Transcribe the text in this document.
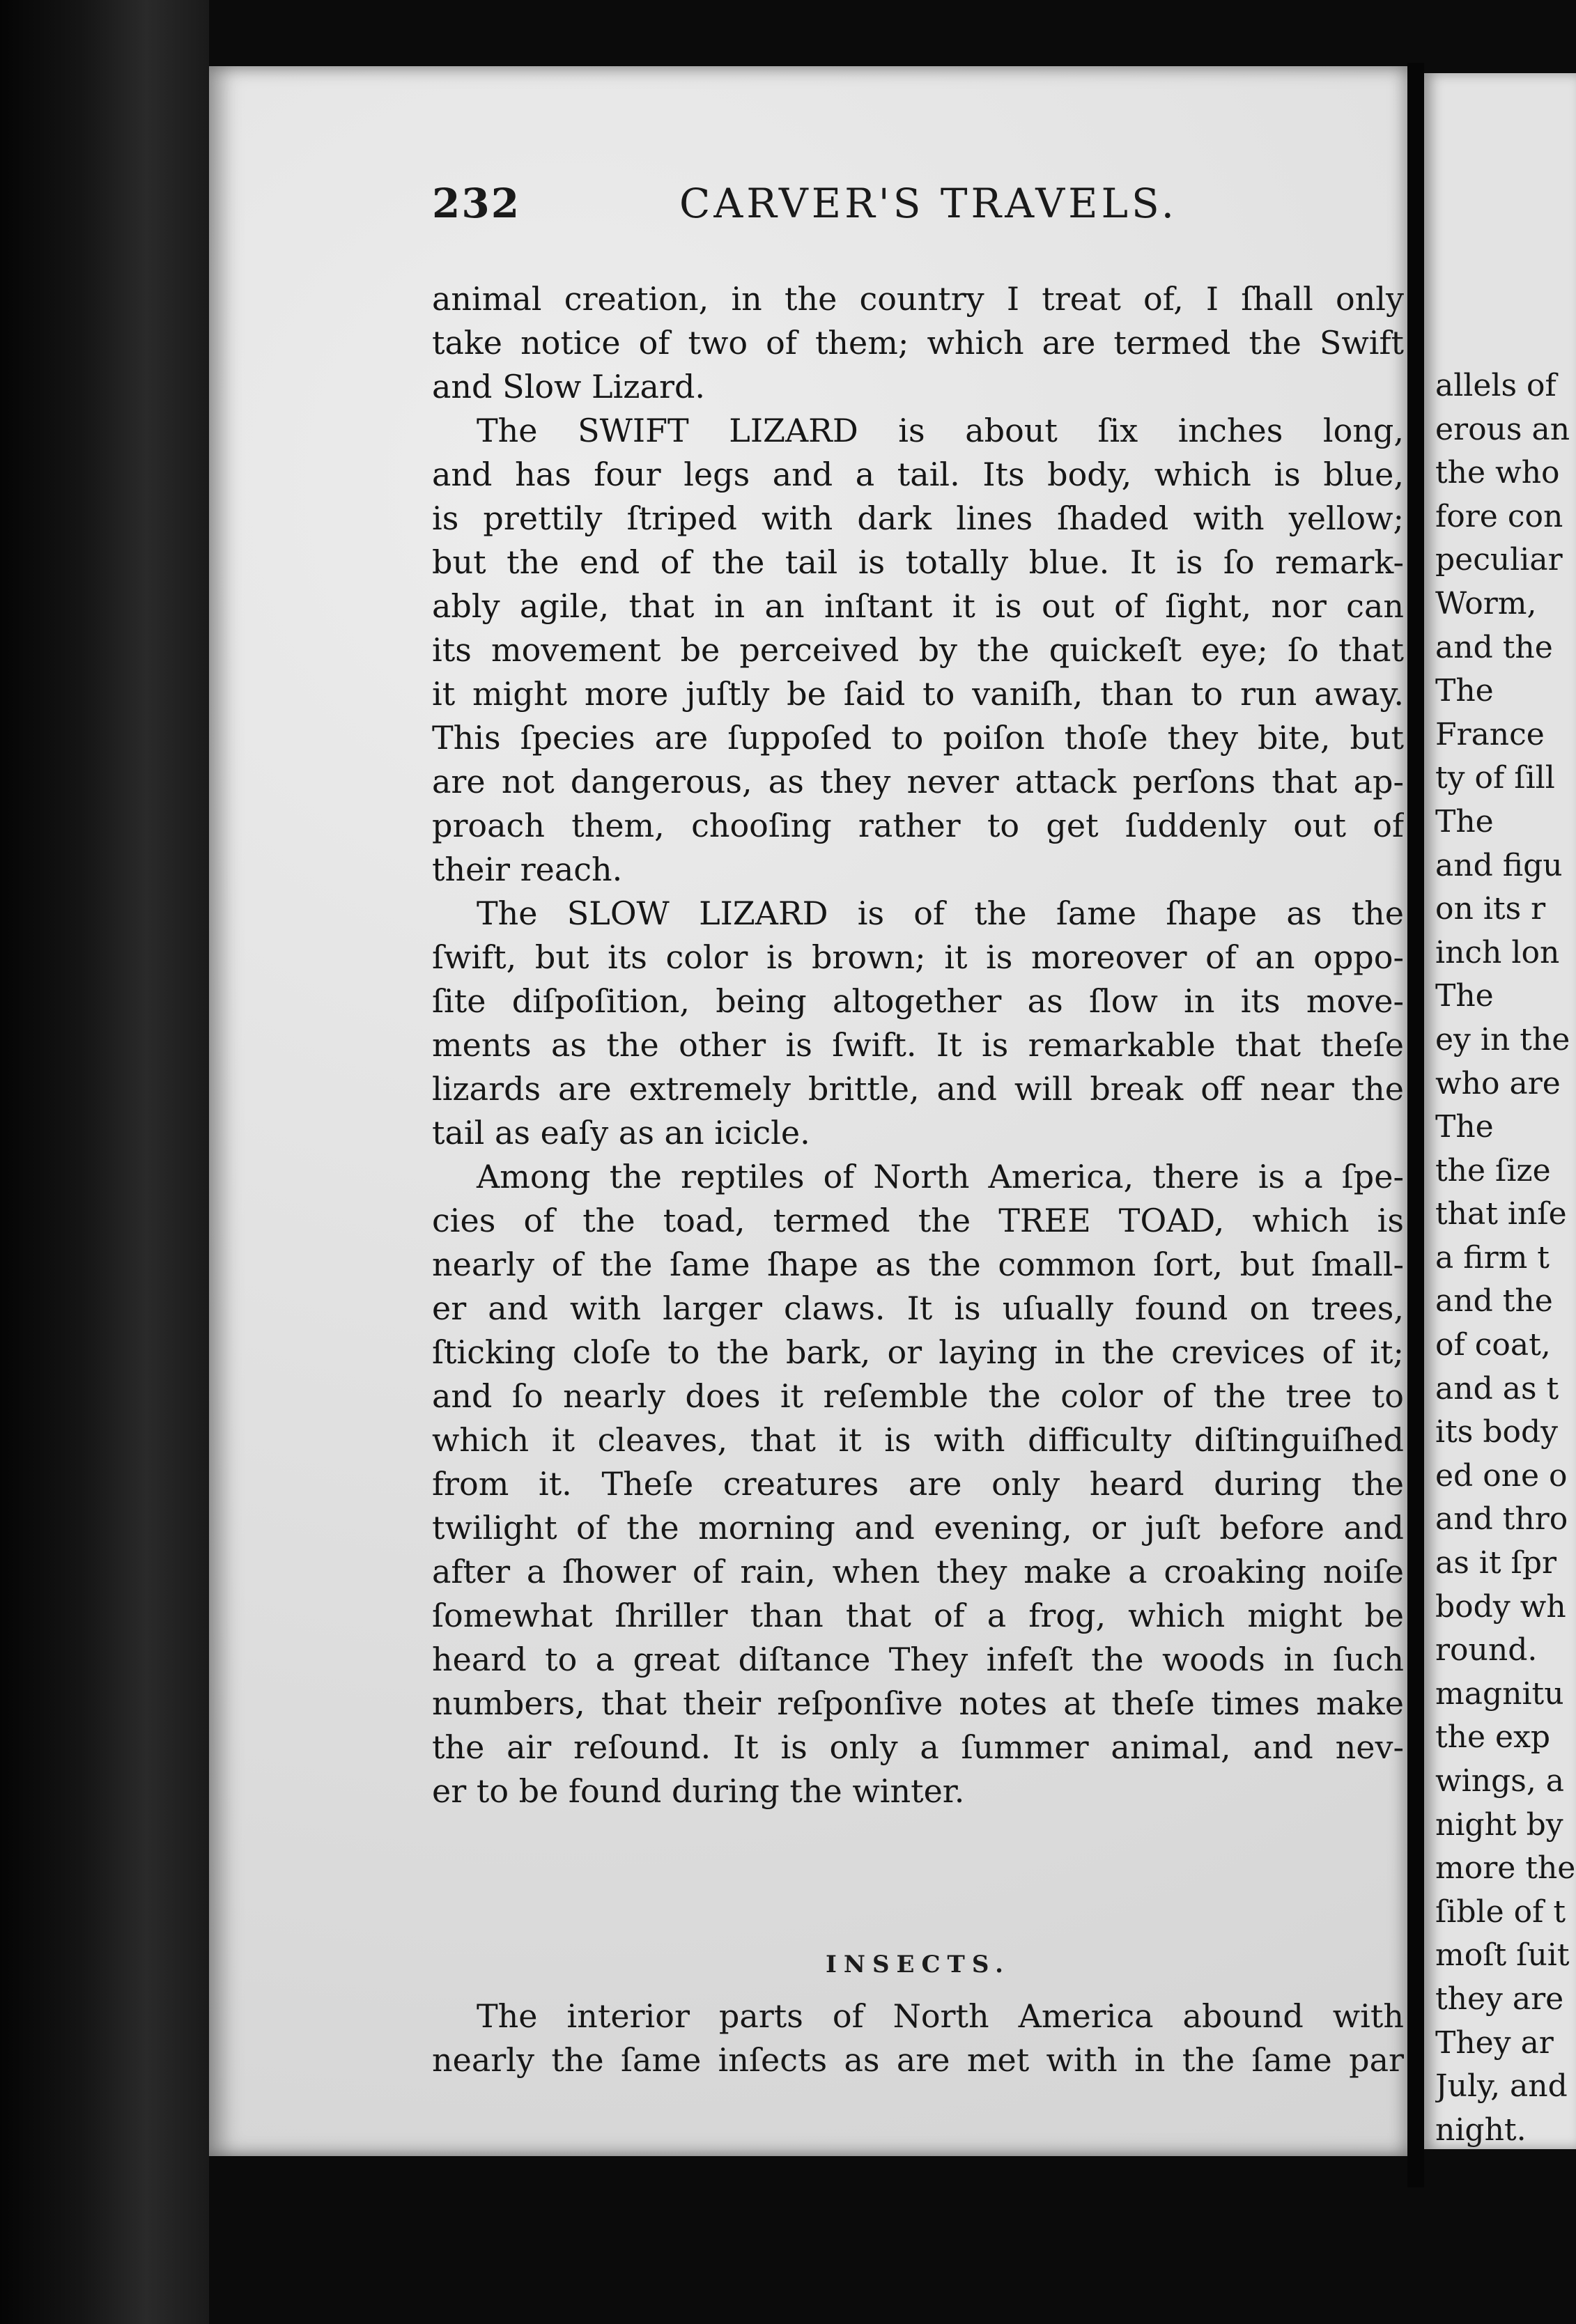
232	CARVER'S TRAVELS.
animal creation, in the country I treat of, I ſhall only
take notice of two of them; which are termed the Swift
and Slow Lizard.
The SWIFT LIZARD is about ſix inches long,
and has four legs and a tail. Its body, which is blue,
is prettily ſtriped with dark lines ſhaded with yellow;
but the end of the tail is totally blue. It is ſo remark-
ably agile, that in an inſtant it is out of ſight, nor can
its movement be perceived by the quickeſt eye; ſo that
it might more juſtly be ſaid to vaniſh, than to run away.
This ſpecies are ſuppoſed to poiſon thoſe they bite, but
are not dangerous, as they never attack perſons that ap-
proach them, chooſing rather to get ſuddenly out of
their reach.
The SLOW LIZARD is of the ſame ſhape as the
ſwift, but its color is brown; it is moreover of an oppo-
ſite diſpoſition, being altogether as ſlow in its move-
ments as the other is ſwift. It is remarkable that theſe
lizards are extremely brittle, and will break off near the
tail as eaſy as an icicle.
Among the reptiles of North America, there is a ſpe-
cies of the toad, termed the TREE TOAD, which is
nearly of the ſame ſhape as the common ſort, but ſmall-
er and with larger claws. It is uſually found on trees,
ſticking cloſe to the bark, or laying in the crevices of it;
and ſo nearly does it reſemble the color of the tree to
which it cleaves, that it is with difficulty diſtinguiſhed
from it. Theſe creatures are only heard during the
twilight of the morning and evening, or juſt before and
after a ſhower of rain, when they make a croaking noiſe
ſomewhat ſhriller than that of a frog, which might be
heard to a great diſtance They infeſt the woods in ſuch
numbers, that their reſponſive notes at theſe times make
the air reſound. It is only a ſummer animal, and nev-
er to be found during the winter.
INSECTS.
The interior parts of North America abound with
nearly the ſame inſects as are met with in the ſame par
allels of
erous an
the who
fore con
peculiar
Worm,
and the
The
France
ty of ſill
The
and figu
on its r
inch lon
The
ey in the
who are
The
the ſize
that inſe
a firm t
and the
of coat,
and as t
its body
ed one o
and thro
as it ſpr
body wh
round.
magnitu
the exp
wings, a
night by
more the
ſible of t
moſt ſuit
they are
They ar
July, and
night.
